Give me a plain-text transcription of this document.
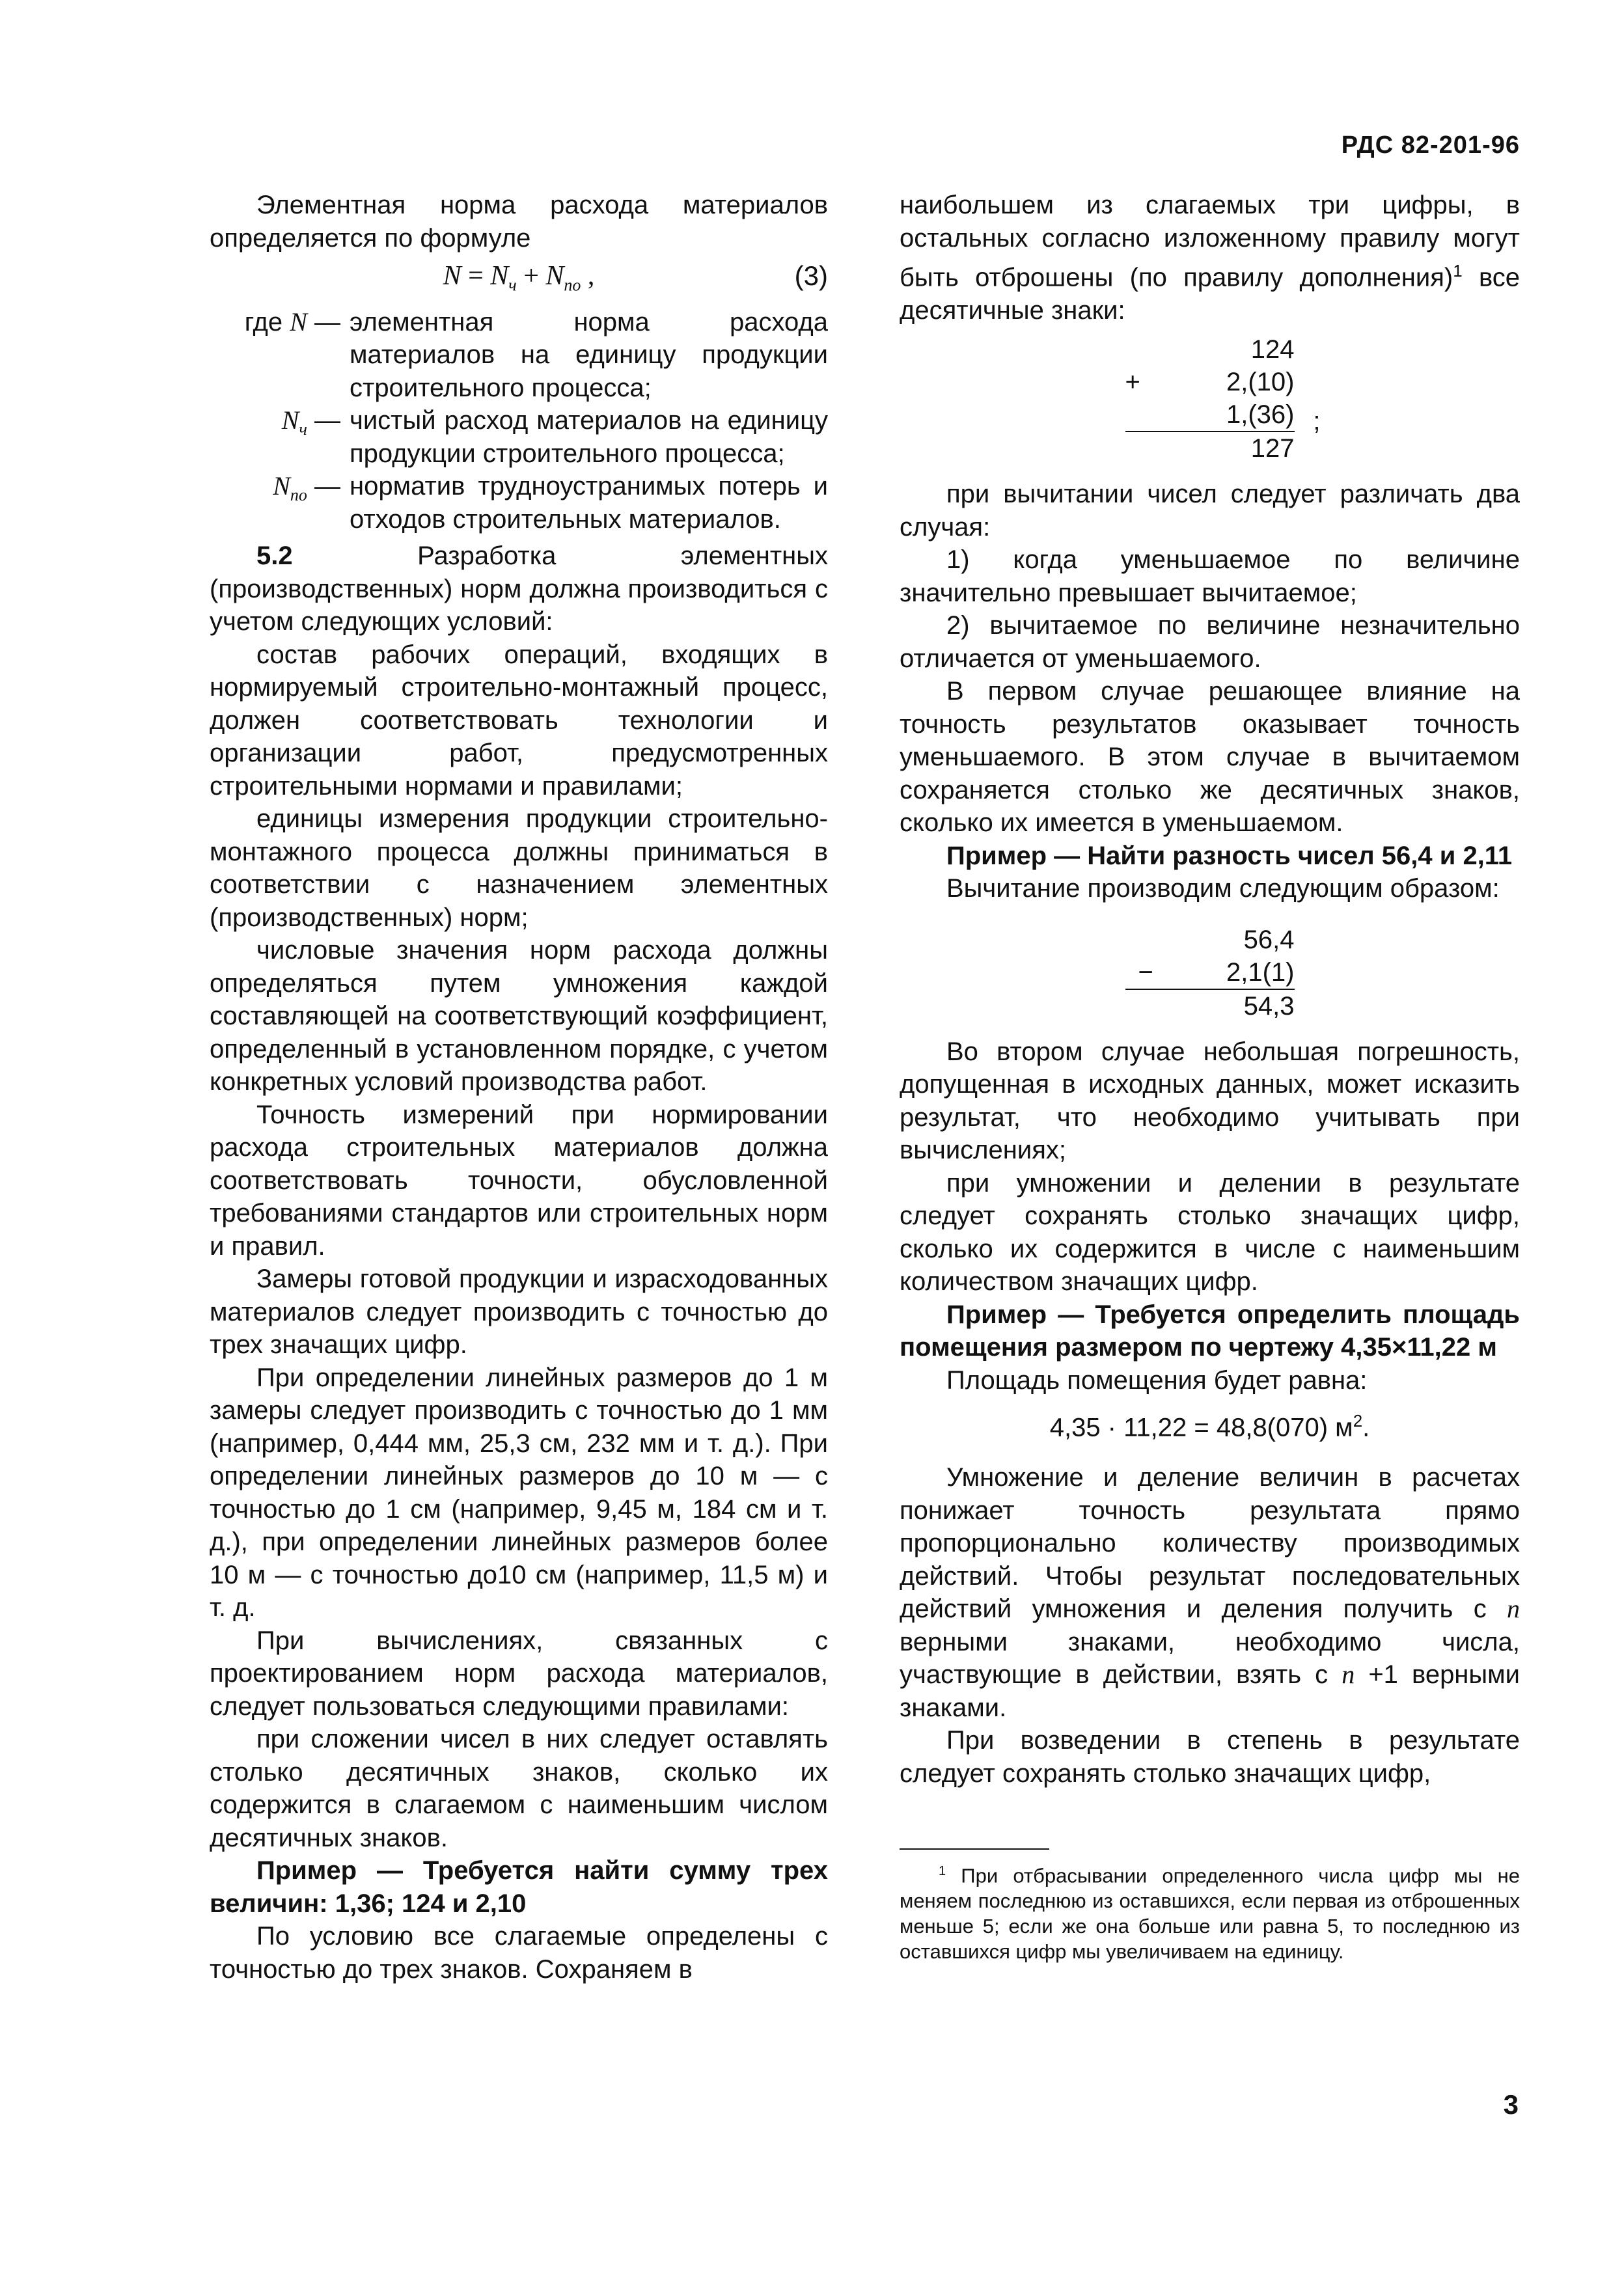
РДС 82-201-96

Элементная норма расхода материалов определяется по формуле

$N = N_ч + N_{по}$ ,	(3)
где N — элементная норма расхода материалов на единицу продукции строительного процесса;
$N_ч$ — чистый расход материалов на единицу продукции строительного процесса;
$N_{по}$ — норматив трудноустранимых потерь и отходов строительных материалов.

5.2 Разработка элементных (производственных) норм должна производиться с учетом следующих условий:

состав рабочих операций, входящих в нормируемый строительно-монтажный процесс, должен соответствовать технологии и организации работ, предусмотренных строительными нормами и правилами;

единицы измерения продукции строительно-монтажного процесса должны приниматься в соответствии с назначением элементных (производственных) норм;

числовые значения норм расхода должны определяться путем умножения каждой составляющей на соответствующий коэффициент, определенный в установленном порядке, с учетом конкретных условий производства работ.

Точность измерений при нормировании расхода строительных материалов должна соответствовать точности, обусловленной требованиями стандартов или строительных норм и правил.

Замеры готовой продукции и израсходованных материалов следует производить с точностью до трех значащих цифр.

При определении линейных размеров до 1 м замеры следует производить с точностью до 1 мм (например, 0,444 мм, 25,3 см, 232 мм и т. д.). При определении линейных размеров до 10 м — с точностью до 1 см (например, 9,45 м, 184 см и т. д.), при определении линейных размеров более 10 м — с точностью до10 см (например, 11,5 м) и т. д.

При вычислениях, связанных с проектированием норм расхода материалов, следует пользоваться следующими правилами:

при сложении чисел в них следует оставлять столько десятичных знаков, сколько их содержится в слагаемом с наименьшим числом десятичных знаков.

Пример — Требуется найти сумму трех величин: 1,36; 124 и 2,10

По условию все слагаемые определены с точностью до трех знаков. Сохраняем в

наибольшем из слагаемых три цифры, в остальных согласно изложенному правилу могут быть отброшены (по правилу дополнения)$^1$ все десятичные знаки:

124
+	2,(10)
1,(36) ;
127

при вычитании чисел следует различать два случая:

1) когда уменьшаемое по величине значительно превышает вычитаемое;

2) вычитаемое по величине незначительно отличается от уменьшаемого.

В первом случае решающее влияние на точность результатов оказывает точность уменьшаемого. В этом случае в вычитаемом сохраняется столько же десятичных знаков, сколько их имеется в уменьшаемом.

Пример — Найти разность чисел 56,4 и 2,11

Вычитание производим следующим образом:

56,4
−	2,1(1)
54,3

Во втором случае небольшая погрешность, допущенная в исходных данных, может исказить результат, что необходимо учитывать при вычислениях;

при умножении и делении в результате следует сохранять столько значащих цифр, сколько их содержится в числе с наименьшим количеством значащих цифр.

Пример — Требуется определить площадь помещения размером по чертежу 4,35×11,22 м

Площадь помещения будет равна:

4,35 · 11,22 = 48,8(070) $м^2$.

Умножение и деление величин в расчетах понижает точность результата прямо пропорционально количеству производимых действий. Чтобы результат последовательных действий умножения и деления получить с n верными знаками, необходимо числа, участвующие в действии, взять с n +1 верными знаками.

При возведении в степень в результате следует сохранять столько значащих цифр,

$^1$ При отбрасывании определенного числа цифр мы не меняем последнюю из оставшихся, если первая из отброшенных меньше 5; если же она больше или равна 5, то последнюю из оставшихся цифр мы увеличиваем на единицу.

3
